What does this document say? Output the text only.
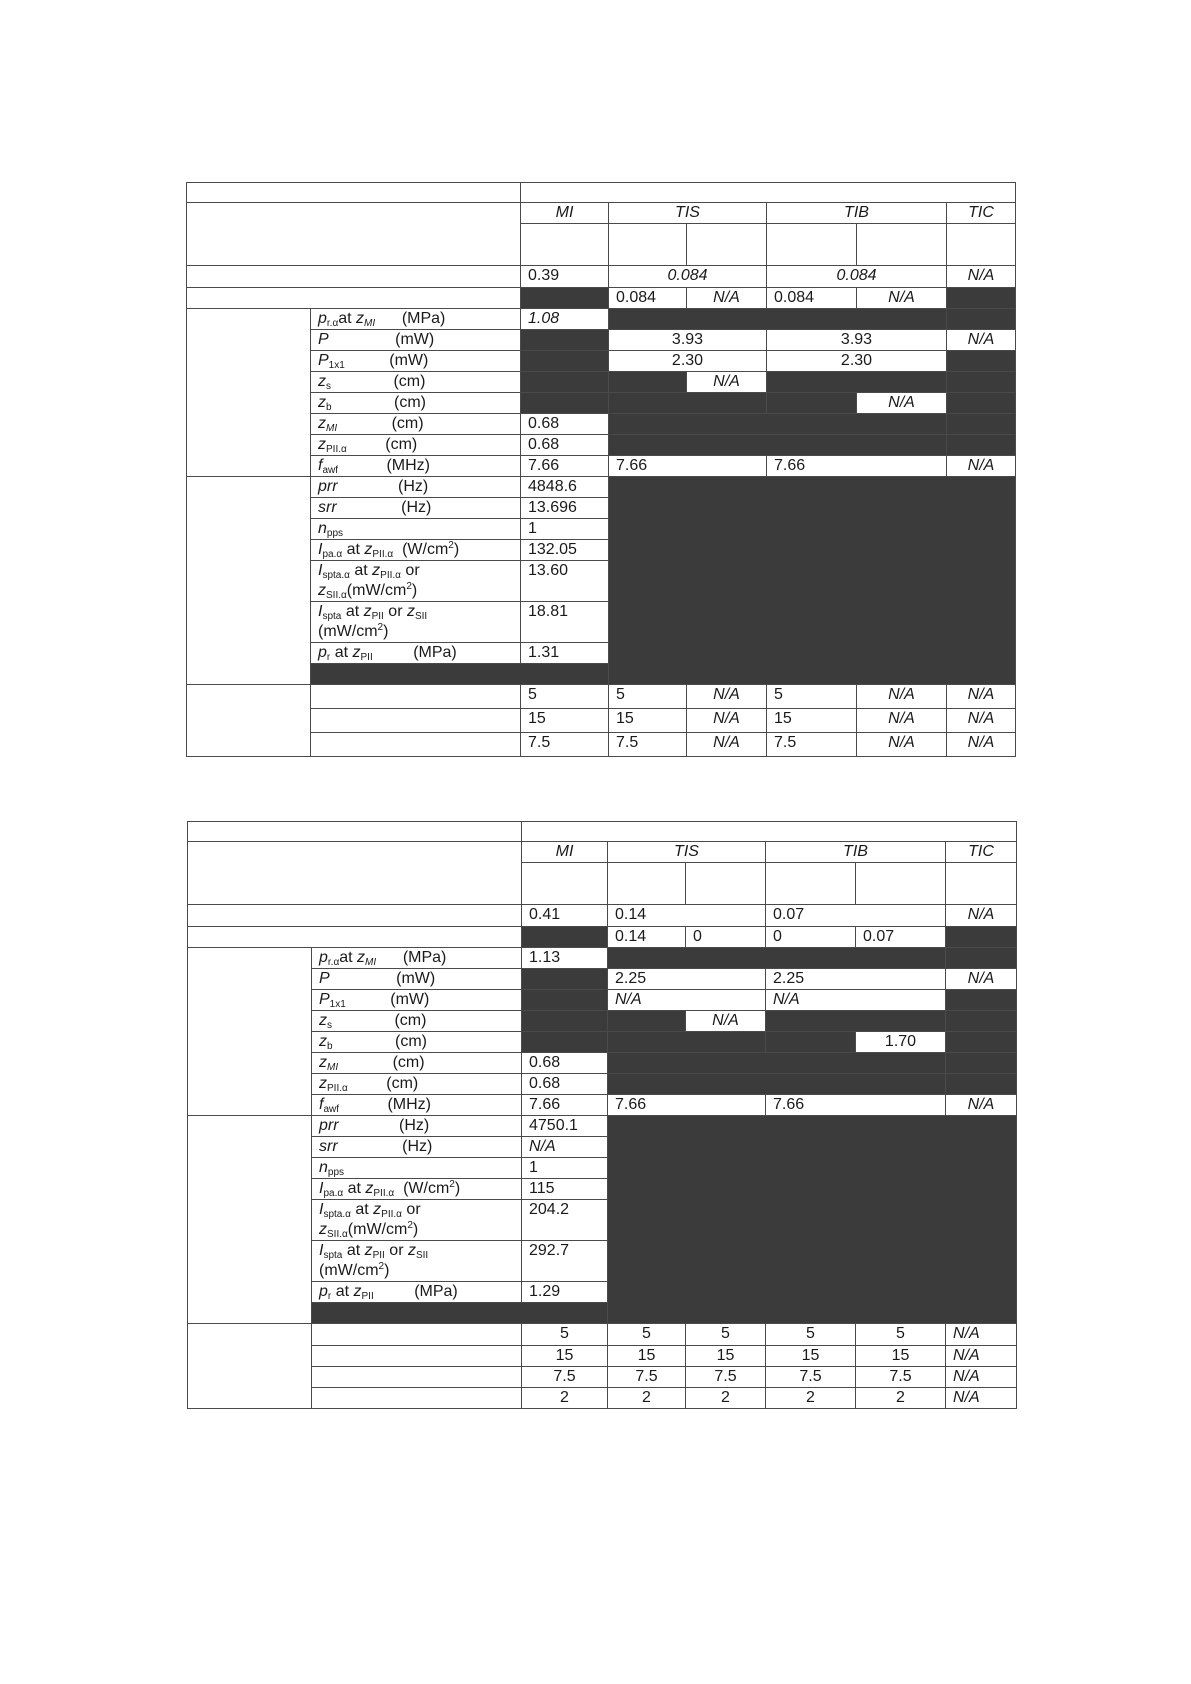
		MI	TIS		TIB		TIC

		0.39	0.084		0.084		N/A
			0.084	N/A	0.084	N/A	
	$p_{r.\alpha}at$ $z_{MI}$ (MPa)	1.08					
	P (mW)		3.93		3.93		N/A
	$P_{1x1}$ (mW)		2.30		2.30		
	$z_s$ (cm)			N/A			
	$z_b$ (cm)					N/A	
	$z_{MI}$ (cm)	0.68					
	$z_{PII.\alpha}$ (cm)	0.68					
	$f_{awf}$ (MHz)	7.66	7.66		7.66		N/A
	prr (Hz)	4848.6					
	srr (Hz)	13.696					
	$n_{pps}$	1					
	$I_{pa.\alpha}$ at $z_{PII.\alpha}$ $(W/cm^2)$	132.05					
	$I_{spta.\alpha}$ at $z_{PII.\alpha}$ or
$z_{SII.\alpha}(mW/cm^2)$	13.60					
	$I_{spta}$ at $z_{PII}$ or $z_{SII}$
$(mW/cm^2)$	18.81					
	$p_r$ at $z_{PII}$ (MPa)	1.31					

		5	5	N/A	5	N/A	N/A
		15	15	N/A	15	N/A	N/A
		7.5	7.5	N/A	7.5	N/A	N/A

		MI	TIS		TIB		TIC

		0.41	0.14		0.07		N/A
			0.14	0	0	0.07	
	$p_{r.\alpha}at$ $z_{MI}$ (MPa)	1.13					
	P (mW)		2.25		2.25		N/A
	$P_{1x1}$ (mW)		N/A		N/A		
	$z_s$ (cm)			N/A			
	$z_b$ (cm)					1.70	
	$z_{MI}$ (cm)	0.68					
	$z_{PII.\alpha}$ (cm)	0.68					
	$f_{awf}$ (MHz)	7.66	7.66		7.66		N/A
	prr (Hz)	4750.1					
	srr (Hz)	N/A					
	$n_{pps}$	1					
	$I_{pa.\alpha}$ at $z_{PII.\alpha}$ $(W/cm^2)$	115					
	$I_{spta.\alpha}$ at $z_{PII.\alpha}$ or
$z_{SII.\alpha}(mW/cm^2)$	204.2					
	$I_{spta}$ at $z_{PII}$ or $z_{SII}$
$(mW/cm^2)$	292.7					
	$p_r$ at $z_{PII}$ (MPa)	1.29					

		5	5	5	5	5	N/A
		15	15	15	15	15	N/A
		7.5	7.5	7.5	7.5	7.5	N/A
		2	2	2	2	2	N/A
